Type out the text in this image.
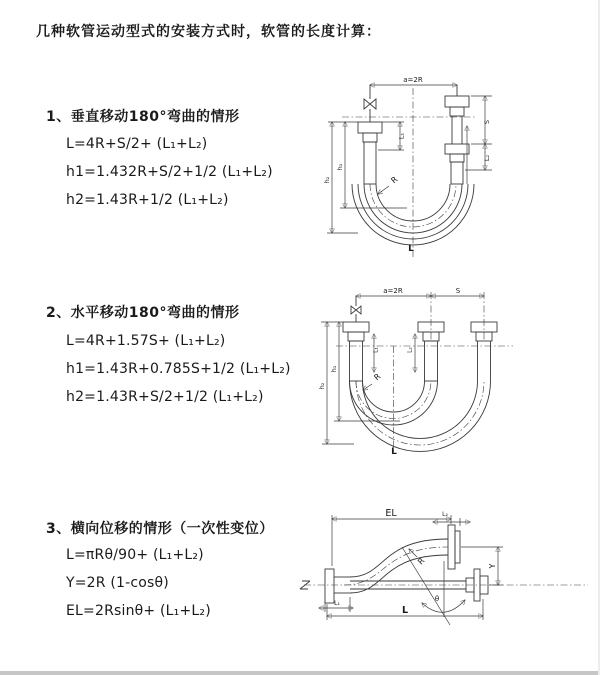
几种软管运动型式的安装方式时，软管的长度计算：
1、垂直移动180°弯曲的情形
L=4R+S/2+ (L₁+L₂)
h1=1.432R+S/2+1/2 (L₁+L₂)
h2=1.43R+1/2 (L₁+L₂)
2、水平移动180°弯曲的情形
L=4R+1.57S+ (L₁+L₂)
h1=1.43R+0.785S+1/2 (L₁+L₂)
h2=1.43R+S/2+1/2 (L₁+L₂)
3、横向位移的情形（一次性变位）
L=πRθ/90+ (L₁+L₂)
Y=2R (1-cosθ)
EL=2Rsinθ+ (L₁+L₂)
R
a=2R
S
L₂
L₁
h₁
h₂
L
a=2R	S
R
L₁	L₂
h₁
h₂
L
EL	L₂
Y
R
θ
L₁
L
